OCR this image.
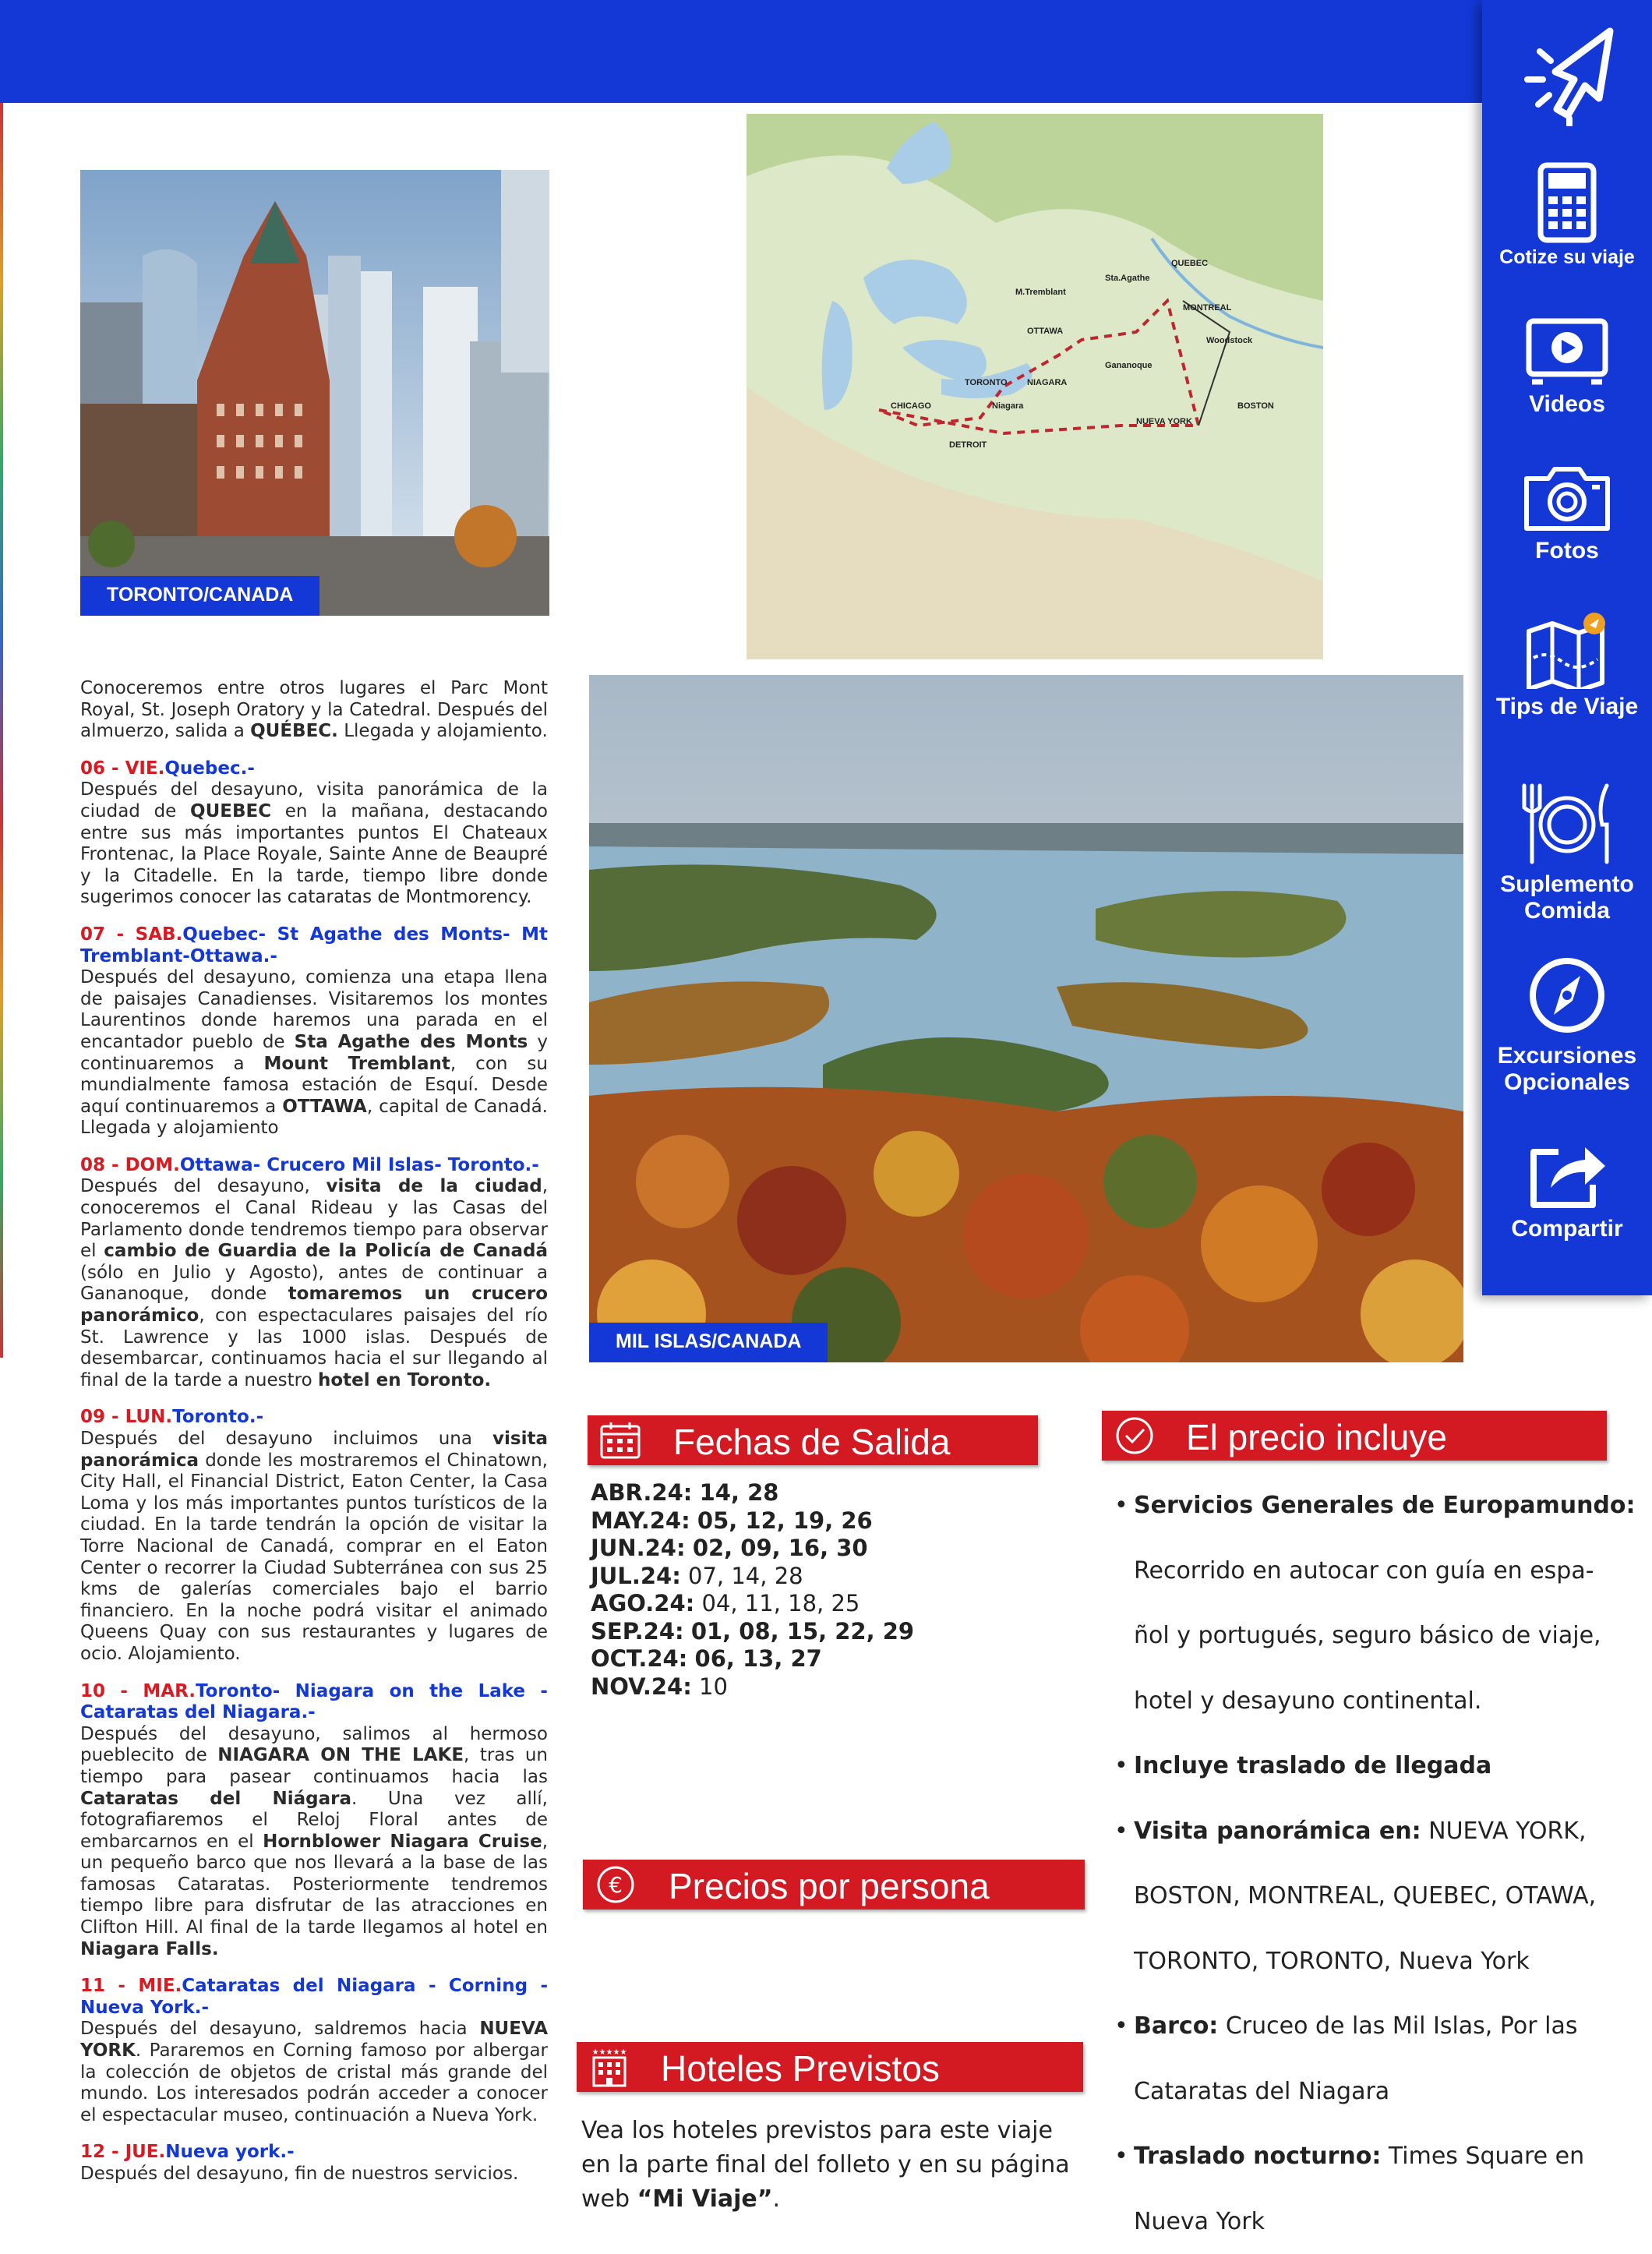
TORONTO/CANADA
QUEBEC
Sta.Agathe
M.Tremblant
MONTREAL
OTTAWA
Woodstock
Gananoque
TORONTO NIAGARA
Niagara
CHICAGO
DETROIT
NUEVA YORK
BOSTON
MIL ISLAS/CANADA

Conoceremos entre otros lugares el Parc Mont Royal, St. Joseph Oratory y la Catedral. Después del almuerzo, salida a QUÉBEC. Llegada y alojamiento.

06 - VIE.Quebec.-
Después del desayuno, visita panorámica de la ciudad de QUEBEC en la mañana, destacando entre sus más importantes puntos El Chateaux Frontenac, la Place Royale, Sainte Anne de Beaupré y la Citadelle. En la tarde, tiempo libre donde sugerimos conocer las cataratas de Montmorency.

07 - SAB.Quebec- St Agathe des Monts- Mt Tremblant-Ottawa.-
Después del desayuno, comienza una etapa llena de paisajes Canadienses. Visitaremos los montes Laurentinos donde haremos una parada en el encantador pueblo de Sta Agathe des Monts y continuaremos a Mount Tremblant, con su mundialmente famosa estación de Esquí. Desde aquí continuaremos a OTTAWA, capital de Canadá. Llegada y alojamiento

08 - DOM.Ottawa- Crucero Mil Islas- Toronto.-
Después del desayuno, visita de la ciudad, conoceremos el Canal Rideau y las Casas del Parlamento donde tendremos tiempo para observar el cambio de Guardia de la Policía de Canadá (sólo en Julio y Agosto), antes de continuar a Gananoque, donde tomaremos un crucero panorámico, con espectaculares paisajes del río St. Lawrence y las 1000 islas. Después de desembarcar, continuamos hacia el sur llegando al final de la tarde a nuestro hotel en Toronto.

09 - LUN.Toronto.-
Después del desayuno incluimos una visita panorámica donde les mostraremos el Chinatown, City Hall, el Financial District, Eaton Center, la Casa Loma y los más importantes puntos turísticos de la ciudad. En la tarde tendrán la opción de visitar la Torre Nacional de Canadá, comprar en el Eaton Center o recorrer la Ciudad Subterránea con sus 25 kms de galerías comerciales bajo el barrio financiero. En la noche podrá visitar el animado Queens Quay con sus restaurantes y lugares de ocio. Alojamiento.

10 - MAR.Toronto- Niagara on the Lake -Cataratas del Niagara.-
Después del desayuno, salimos al hermoso pueblecito de NIAGARA ON THE LAKE, tras un tiempo para pasear continuamos hacia las Cataratas del Niágara. Una vez allí, fotografiaremos el Reloj Floral antes de embarcarnos en el Hornblower Niagara Cruise, un pequeño barco que nos llevará a la base de las famosas Cataratas. Posteriormente tendremos tiempo libre para disfrutar de las atracciones en Clifton Hill. Al final de la tarde llegamos al hotel en Niagara Falls.

11 - MIE.Cataratas del Niagara - Corning - Nueva York.-
Después del desayuno, saldremos hacia NUEVA YORK. Pararemos en Corning famoso por albergar la colección de objetos de cristal más grande del mundo. Los interesados podrán acceder a conocer el espectacular museo, continuación a Nueva York.

12 - JUE.Nueva york.-
Después del desayuno, fin de nuestros servicios.

Fechas de Salida
ABR.24: 14, 28
MAY.24: 05, 12, 19, 26
JUN.24: 02, 09, 16, 30
JUL.24: 07, 14, 28
AGO.24: 04, 11, 18, 25
SEP.24: 01, 08, 15, 22, 29
OCT.24: 06, 13, 27
NOV.24: 10
€ Precios por persona
★★★★★ Hoteles Previstos
Vea los hoteles previstos para este viaje en la parte final del folleto y en su página web “Mi Viaje”.
El precio incluye
• Servicios Generales de Europamundo:
Recorrido en autocar con guía en espa-
ñol y portugués, seguro básico de viaje,
hotel y desayuno continental.
• Incluye traslado de llegada
• Visita panorámica en: NUEVA YORK,
BOSTON, MONTREAL, QUEBEC, OTAWA,
TORONTO, TORONTO, Nueva York
• Barco: Cruceo de las Mil Islas, Por las
Cataratas del Niagara
• Traslado nocturno: Times Square en
Nueva York
Cotize su viaje
Videos
Fotos
Tips de Viaje
Suplemento Comida
Excursiones Opcionales
Compartir
